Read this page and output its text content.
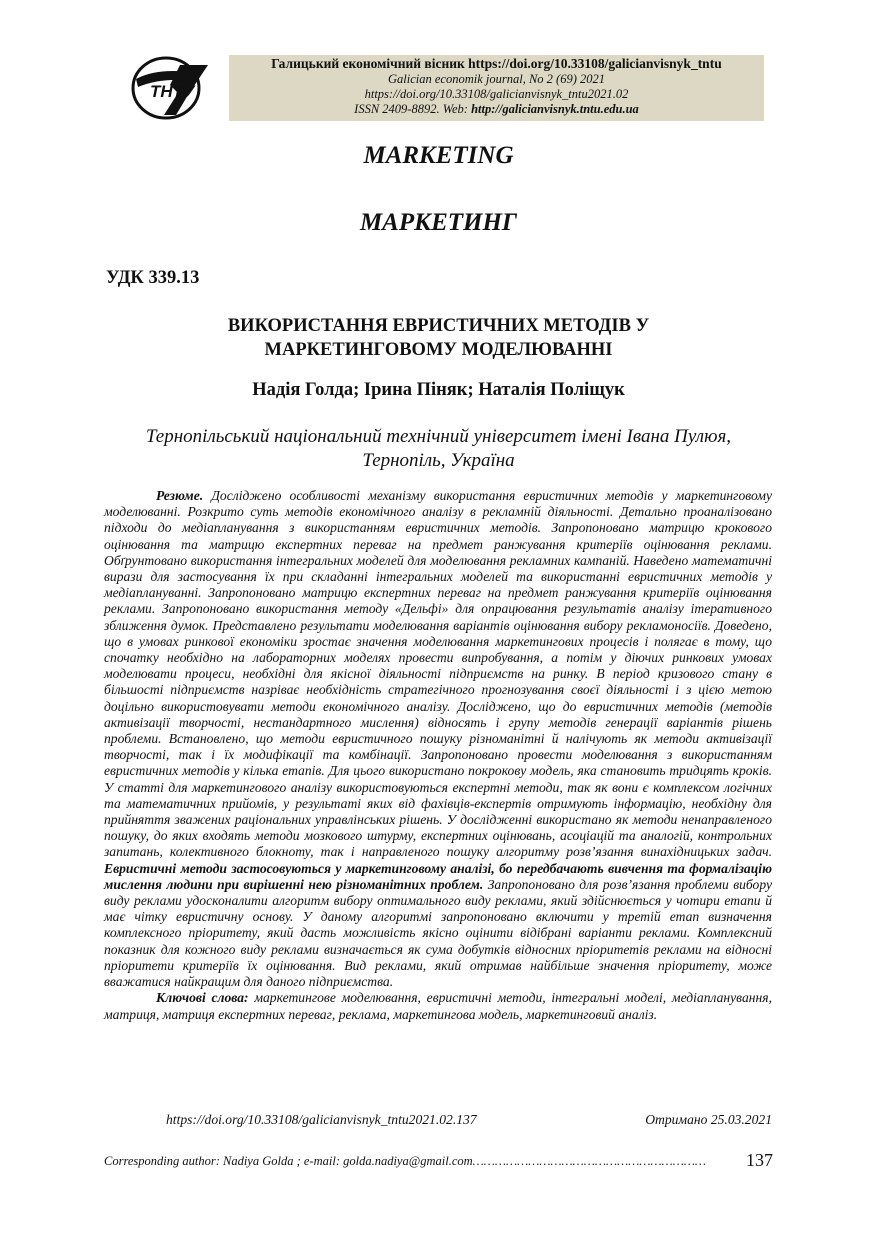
ТНТУ
Галицький економічний вісник https://doi.org/10.33108/galicianvisnyk_tntu
Galician economik journal, No 2 (69) 2021
https://doi.org/10.33108/galicianvisnyk_tntu2021.02
ISSN 2409-8892. Web: http://galicianvisnyk.tntu.edu.ua
MARKETING
МАРКЕТИНГ
УДК 339.13
ВИКОРИСТАННЯ ЕВРИСТИЧНИХ МЕТОДІВ У
МАРКЕТИНГОВОМУ МОДЕЛЮВАННІ
Надія Голда; Ірина Піняк; Наталія Поліщук
Тернопільський національний технічний університет імені Івана Пулюя,
Тернопіль, Україна

Резюме. Досліджено особливості механізму використання евристичних методів у маркетинговому моделюванні. Розкрито суть методів економічного аналізу в рекламній діяльності. Детально проаналізовано підходи до медіапланування з використанням евристичних методів. Запропоновано матрицю крокового оцінювання та матрицю експертних переваг на предмет ранжування критеріїв оцінювання реклами. Обґрунтовано використання інтегральних моделей для моделювання рекламних кампаній. Наведено математичні вирази для застосування їх при складанні інтегральних моделей та використанні евристичних методів у медіаплануванні. Запропоновано матрицю експертних переваг на предмет ранжування критеріїв оцінювання реклами. Запропоновано використання методу «Дельфі» для опрацювання результатів аналізу ітеративного зближення думок. Представлено результати моделювання варіантів оцінювання вибору рекламоносіїв. Доведено, що в умовах ринкової економіки зростає значення моделювання маркетингових процесів і полягає в тому, що спочатку необхідно на лабораторних моделях провести випробування, а потім у діючих ринкових умовах моделювати процеси, необхідні для якісної діяльності підприємств на ринку. В період кризового стану в більшості підприємств назріває необхідність стратегічного прогнозування своєї діяльності і з цією метою доцільно використовувати методи економічного аналізу. Досліджено, що до евристичних методів (методів активізації творчості, нестандартного мислення) відносять і групу методів генерації варіантів рішень проблеми. Встановлено, що методи евристичного пошуку різноманітні й налічують як методи активізації творчості, так і їх модифікації та комбінації. Запропоновано провести моделювання з використанням евристичних методів у кілька етапів. Для цього використано покрокову модель, яка становить тридцять кроків. У статті для маркетингового аналізу використовуються експертні методи, так як вони є комплексом логічних та математичних прийомів, у результаті яких від фахівців-експертів отримують інформацію, необхідну для прийняття зважених раціональних управлінських рішень. У дослідженні використано як методи ненаправленого пошуку, до яких входять методи мозкового штурму, експертних оцінювань, асоціацій та аналогій, контрольних запитань, колективного блокноту, так і направленого пошуку алгоритму розв’язання винахідницьких задач. Евристичні методи застосовуються у маркетинговому аналізі, бо передбачають вивчення та формалізацію мислення людини при вирішенні нею різноманітних проблем. Запропоновано для розв’язання проблеми вибору виду реклами удосконалити алгоритм вибору оптимального виду реклами, який здійснюється у чотири етапи й має чітку евристичну основу. У даному алгоритмі запропоновано включити у третій етап визначення комплексного пріоритету, який дасть можливість якісно оцінити відібрані варіанти реклами. Комплексний показник для кожного виду реклами визначається як сума добутків відносних пріоритетів реклами на відносні пріоритети критеріїв їх оцінювання. Вид реклами, який отримав найбільше значення пріоритету, може вважатися найкращим для даного підприємства.

Ключові слова: маркетингове моделювання, евристичні методи, інтегральні моделі, медіапланування, матриця, матриця експертних переваг, реклама, маркетингова модель, маркетинговий аналіз.

https://doi.org/10.33108/galicianvisnyk_tntu2021.02.137	Отримано 25.03.2021
Corresponding author: Nadiya Golda ; e-mail: golda.nadiya@gmail.com……………………………………………………… 137
